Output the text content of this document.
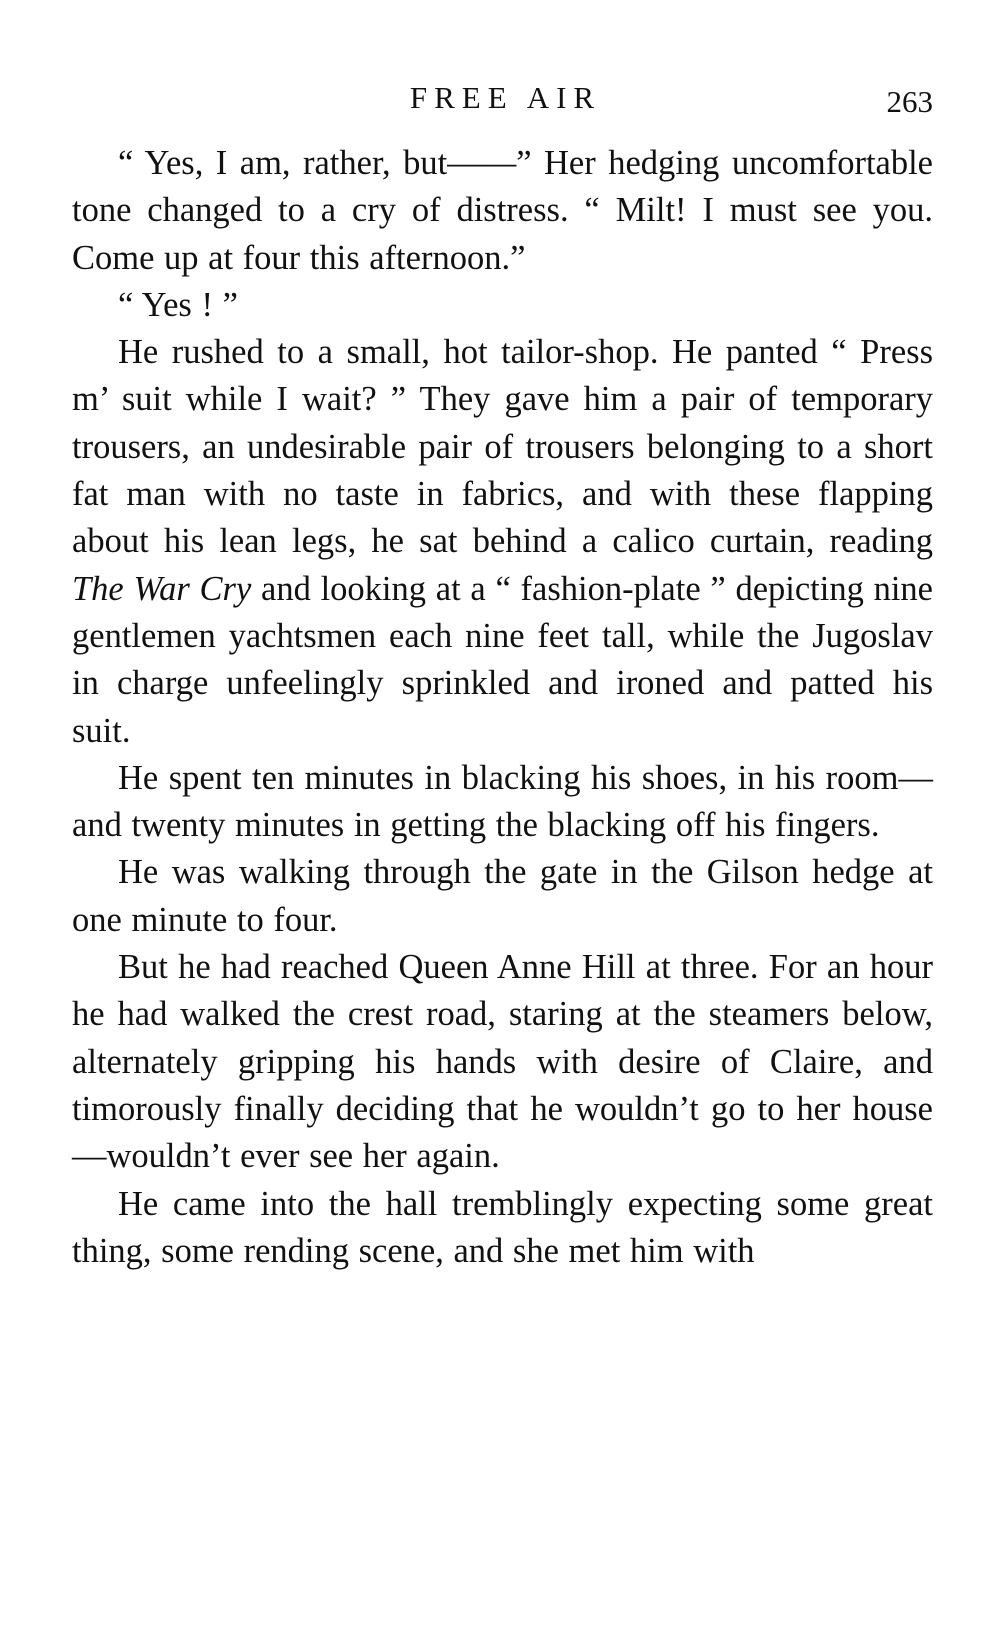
FREE AIR	263

“ Yes, I am, rather, but——” Her hedging uncomfortable tone changed to a cry of distress. “ Milt! I must see you. Come up at four this afternoon.”

“ Yes ! ”

He rushed to a small, hot tailor-shop. He panted “ Press m’ suit while I wait? ” They gave him a pair of temporary trousers, an undesirable pair of trousers belonging to a short fat man with no taste in fabrics, and with these flapping about his lean legs, he sat behind a calico curtain, reading The War Cry and looking at a “ fashion-plate ” depicting nine gentlemen yachtsmen each nine feet tall, while the Jugoslav in charge unfeelingly sprinkled and ironed and patted his suit.

He spent ten minutes in blacking his shoes, in his room—and twenty minutes in getting the blacking off his fingers.

He was walking through the gate in the Gilson hedge at one minute to four.

But he had reached Queen Anne Hill at three. For an hour he had walked the crest road, staring at the steamers below, alternately gripping his hands with desire of Claire, and timorously finally deciding that he wouldn’t go to her house—wouldn’t ever see her again.

He came into the hall tremblingly expecting some great thing, some rending scene, and she met him with
